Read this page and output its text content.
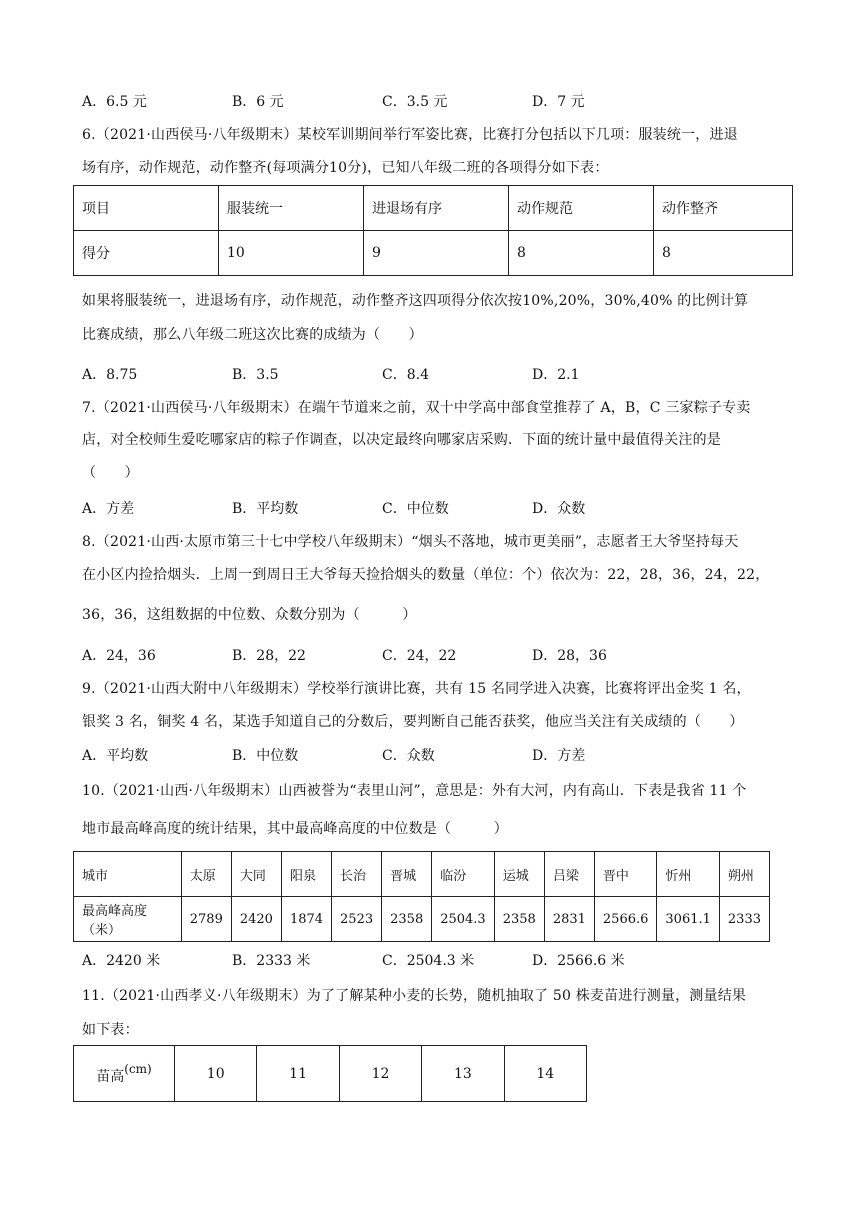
A．6.5 元	B．6 元	C．3.5 元	D．7 元
6.（2021·山西侯马·八年级期末）某校军训期间举行军姿比赛，比赛打分包括以下几项：服装统一，进退
场有序，动作规范，动作整齐(每项满分10分)，已知八年级二班的各项得分如下表：
项目	服装统一	进退场有序	动作规范	动作整齐
得分	10	9	8	8
如果将服装统一，进退场有序，动作规范，动作整齐这四项得分依次按10%,20%，30%,40% 的比例计算
比赛成绩，那么八年级二班这次比赛的成绩为（　　）
A．8.75	B．3.5	C．8.4	D．2.1
7.（2021·山西侯马·八年级期末）在端午节道来之前，双十中学高中部食堂推荐了 A，B，C 三家粽子专卖
店，对全校师生爱吃哪家店的粽子作调查，以决定最终向哪家店采购．下面的统计量中最值得关注的是
（　　）
A．方差	B．平均数	C．中位数	D．众数
8.（2021·山西·太原市第三十七中学校八年级期末）“烟头不落地，城市更美丽”，志愿者王大爷坚持每天
在小区内捡拾烟头．上周一到周日王大爷每天捡拾烟头的数量（单位：个）依次为：22，28，36，24，22，
36，36，这组数据的中位数、众数分别为（　　　）
A．24，36	B．28，22	C．24，22	D．28，36
9.（2021·山西大附中八年级期末）学校举行演讲比赛，共有 15 名同学进入决赛，比赛将评出金奖 1 名，
银奖 3 名，铜奖 4 名，某选手知道自己的分数后，要判断自己能否获奖，他应当关注有关成绩的（　　）
A．平均数	B．中位数	C．众数	D．方差
10.（2021·山西·八年级期末）山西被誉为“表里山河”，意思是：外有大河，内有高山．下表是我省 11 个
地市最高峰高度的统计结果，其中最高峰高度的中位数是（　　　）
城市	太原	大同	阳泉	长治	晋城	临汾	运城	吕梁	晋中	忻州	朔州
最高峰高度（米）	2789	2420	1874	2523	2358	2504.3	2358	2831	2566.6	3061.1	2333
A．2420 米	B．2333 米	C．2504.3 米	D．2566.6 米
11.（2021·山西孝义·八年级期末）为了了解某种小麦的长势，随机抽取了 50 株麦苗进行测量，测量结果
如下表：
苗高$^{(cm)}$	10	11	12	13	14
